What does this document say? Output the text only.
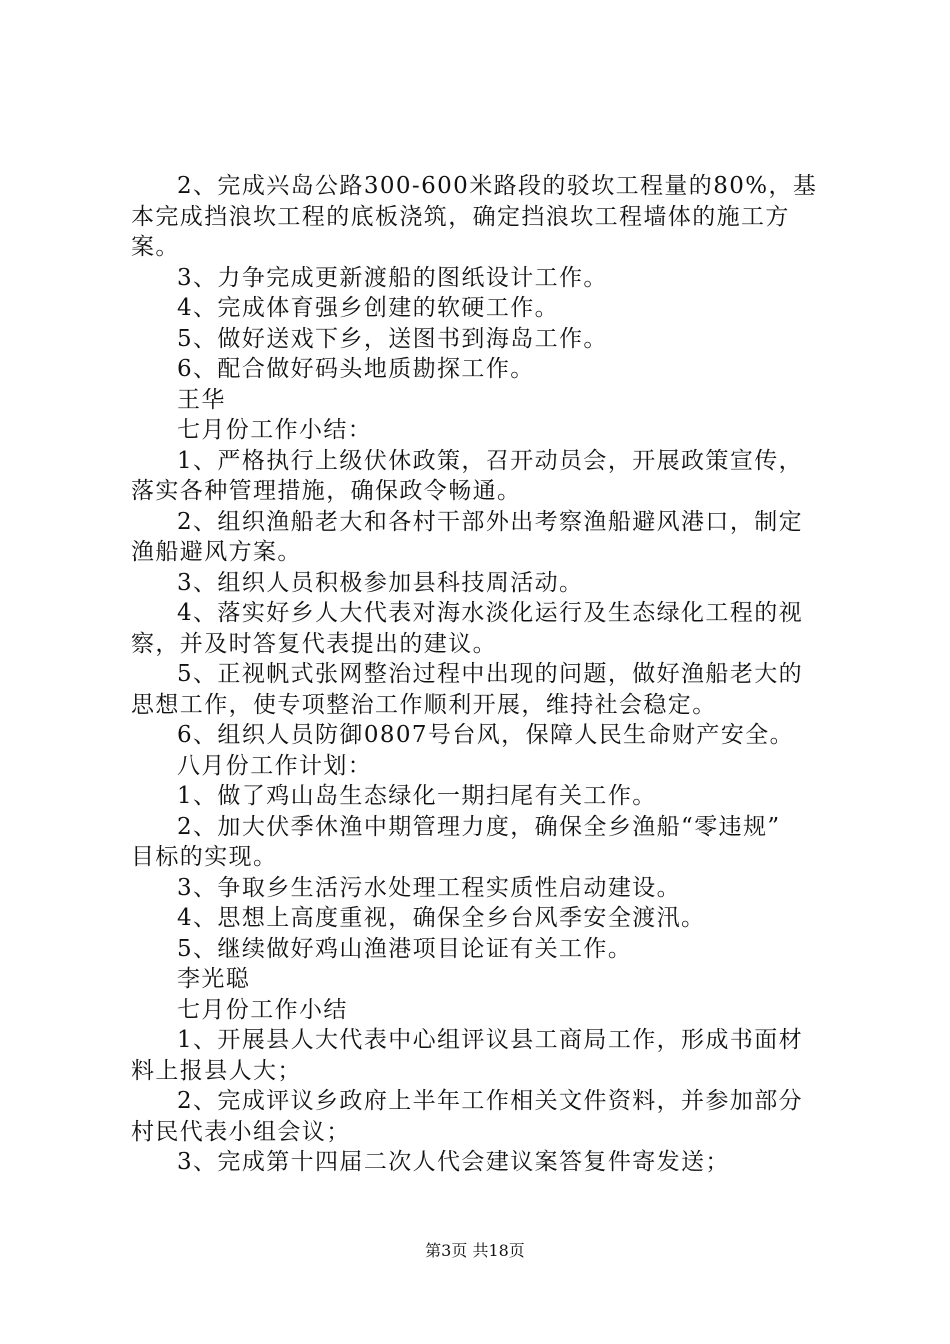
2、完成兴岛公路300-600米路段的驳坎工程量的80%，基
本完成挡浪坎工程的底板浇筑，确定挡浪坎工程墙体的施工方
案。
3、力争完成更新渡船的图纸设计工作。
4、完成体育强乡创建的软硬工作。
5、做好送戏下乡，送图书到海岛工作。
6、配合做好码头地质勘探工作。
王华
七月份工作小结：
1、严格执行上级伏休政策，召开动员会，开展政策宣传，
落实各种管理措施，确保政令畅通。
2、组织渔船老大和各村干部外出考察渔船避风港口，制定
渔船避风方案。
3、组织人员积极参加县科技周活动。
4、落实好乡人大代表对海水淡化运行及生态绿化工程的视
察，并及时答复代表提出的建议。
5、正视帆式张网整治过程中出现的问题，做好渔船老大的
思想工作，使专项整治工作顺利开展，维持社会稳定。
6、组织人员防御0807号台风，保障人民生命财产安全。
八月份工作计划：
1、做了鸡山岛生态绿化一期扫尾有关工作。
2、加大伏季休渔中期管理力度，确保全乡渔船“零违规”
目标的实现。
3、争取乡生活污水处理工程实质性启动建设。
4、思想上高度重视，确保全乡台风季安全渡汛。
5、继续做好鸡山渔港项目论证有关工作。
李光聪
七月份工作小结
1、开展县人大代表中心组评议县工商局工作，形成书面材
料上报县人大；
2、完成评议乡政府上半年工作相关文件资料，并参加部分
村民代表小组会议；
3、完成第十四届二次人代会建议案答复件寄发送；
第3页 共18页
